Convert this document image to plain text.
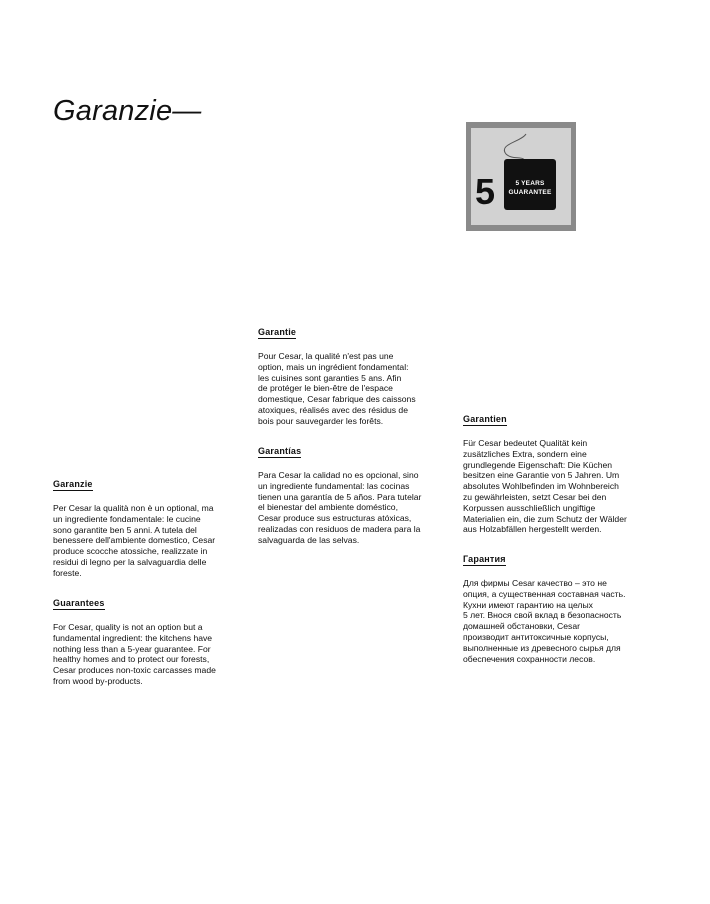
Garanzie—
5	5 YEARS
GUARANTEE
Garanzie

Per Cesar la qualità non è un optional, ma
un ingrediente fondamentale: le cucine
sono garantite ben 5 anni. A tutela del
benessere dell'ambiente domestico, Cesar
produce scocche atossiche, realizzate in
residui di legno per la salvaguardia delle
foreste.

Guarantees

For Cesar, quality is not an option but a
fundamental ingredient: the kitchens have
nothing less than a 5-year guarantee. For
healthy homes and to protect our forests,
Cesar produces non-toxic carcasses made
from wood by-products.

Garantie

Pour Cesar, la qualité n'est pas une
option, mais un ingrédient fondamental:
les cuisines sont garanties 5 ans. Afin
de protéger le bien-être de l'espace
domestique, Cesar fabrique des caissons
atoxiques, réalisés avec des résidus de
bois pour sauvegarder les forêts.

Garantías

Para Cesar la calidad no es opcional, sino
un ingrediente fundamental: las cocinas
tienen una garantía de 5 años. Para tutelar
el bienestar del ambiente doméstico,
Cesar produce sus estructuras atóxicas,
realizadas con residuos de madera para la
salvaguarda de las selvas.

Garantien

Für Cesar bedeutet Qualität kein
zusätzliches Extra, sondern eine
grundlegende Eigenschaft: Die Küchen
besitzen eine Garantie von 5 Jahren. Um
absolutes Wohlbefinden im Wohnbereich
zu gewährleisten, setzt Cesar bei den
Korpussen ausschließlich ungiftige
Materialien ein, die zum Schutz der Wälder
aus Holzabfällen hergestellt werden.

Гарантия

Для фирмы Cesar качество – это не
опция, а существенная составная часть.
Кухни имеют гарантию на целых
5 лет. Внося свой вклад в безопасность
домашней обстановки, Cesar
производит антитоксичные корпусы,
выполненные из древесного сырья для
обеспечения сохранности лесов.
